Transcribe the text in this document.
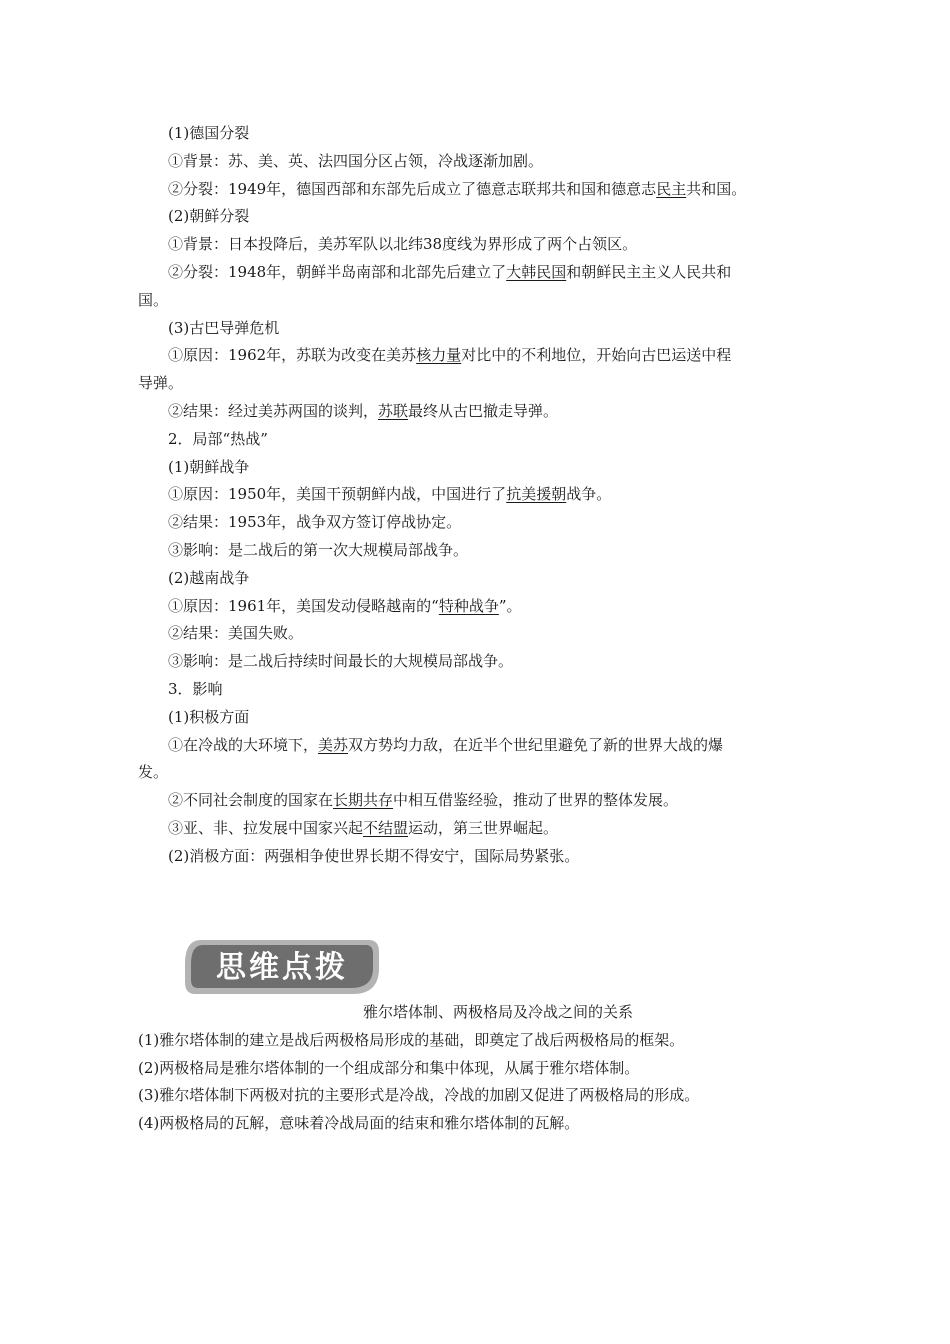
(1)德国分裂

①背景：苏、美、英、法四国分区占领，冷战逐渐加剧。

②分裂：1949年，德国西部和东部先后成立了德意志联邦共和国和德意志民主共和国。

(2)朝鲜分裂

①背景：日本投降后，美苏军队以北纬38度线为界形成了两个占领区。

②分裂：1948年，朝鲜半岛南部和北部先后建立了大韩民国和朝鲜民主主义人民共和

国。

(3)古巴导弹危机

①原因：1962年，苏联为改变在美苏核力量对比中的不利地位，开始向古巴运送中程

导弹。

②结果：经过美苏两国的谈判，苏联最终从古巴撤走导弹。

2．局部“热战”

(1)朝鲜战争

①原因：1950年，美国干预朝鲜内战，中国进行了抗美援朝战争。

②结果：1953年，战争双方签订停战协定。

③影响：是二战后的第一次大规模局部战争。

(2)越南战争

①原因：1961年，美国发动侵略越南的“特种战争”。

②结果：美国失败。

③影响：是二战后持续时间最长的大规模局部战争。

3．影响

(1)积极方面

①在冷战的大环境下，美苏双方势均力敌，在近半个世纪里避免了新的世界大战的爆

发。

②不同社会制度的国家在长期共存中相互借鉴经验，推动了世界的整体发展。

③亚、非、拉发展中国家兴起不结盟运动，第三世界崛起。

(2)消极方面：两强相争使世界长期不得安宁，国际局势紧张。

思维点拨

雅尔塔体制、两极格局及冷战之间的关系

(1)雅尔塔体制的建立是战后两极格局形成的基础，即奠定了战后两极格局的框架。

(2)两极格局是雅尔塔体制的一个组成部分和集中体现，从属于雅尔塔体制。

(3)雅尔塔体制下两极对抗的主要形式是冷战，冷战的加剧又促进了两极格局的形成。

(4)两极格局的瓦解，意味着冷战局面的结束和雅尔塔体制的瓦解。
